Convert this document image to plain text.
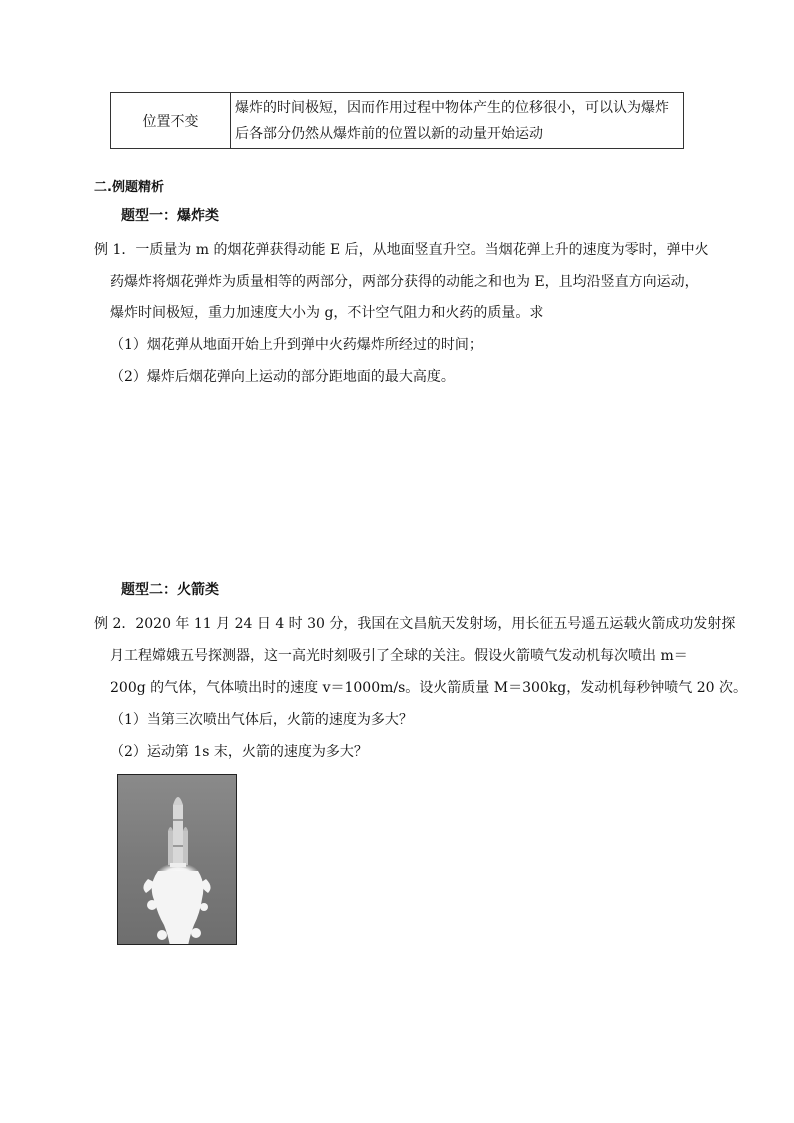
位置不变
爆炸的时间极短，因而作用过程中物体产生的位移很小，可以认为爆炸
后各部分仍然从爆炸前的位置以新的动量开始运动
二.例题精析
题型一：爆炸类
例 1．一质量为 m 的烟花弹获得动能 E 后，从地面竖直升空。当烟花弹上升的速度为零时，弹中火
药爆炸将烟花弹炸为质量相等的两部分，两部分获得的动能之和也为 E，且均沿竖直方向运动，
爆炸时间极短，重力加速度大小为 g，不计空气阻力和火药的质量。求
（1）烟花弹从地面开始上升到弹中火药爆炸所经过的时间；
（2）爆炸后烟花弹向上运动的部分距地面的最大高度。
题型二：火箭类
例 2．2020 年 11 月 24 日 4 时 30 分，我国在文昌航天发射场，用长征五号遥五运载火箭成功发射探
月工程嫦娥五号探测器，这一高光时刻吸引了全球的关注。假设火箭喷气发动机每次喷出 m＝
200g 的气体，气体喷出时的速度 v＝1000m/s。设火箭质量 M＝300kg，发动机每秒钟喷气 20 次。
（1）当第三次喷出气体后，火箭的速度为多大？
（2）运动第 1s 末，火箭的速度为多大？
